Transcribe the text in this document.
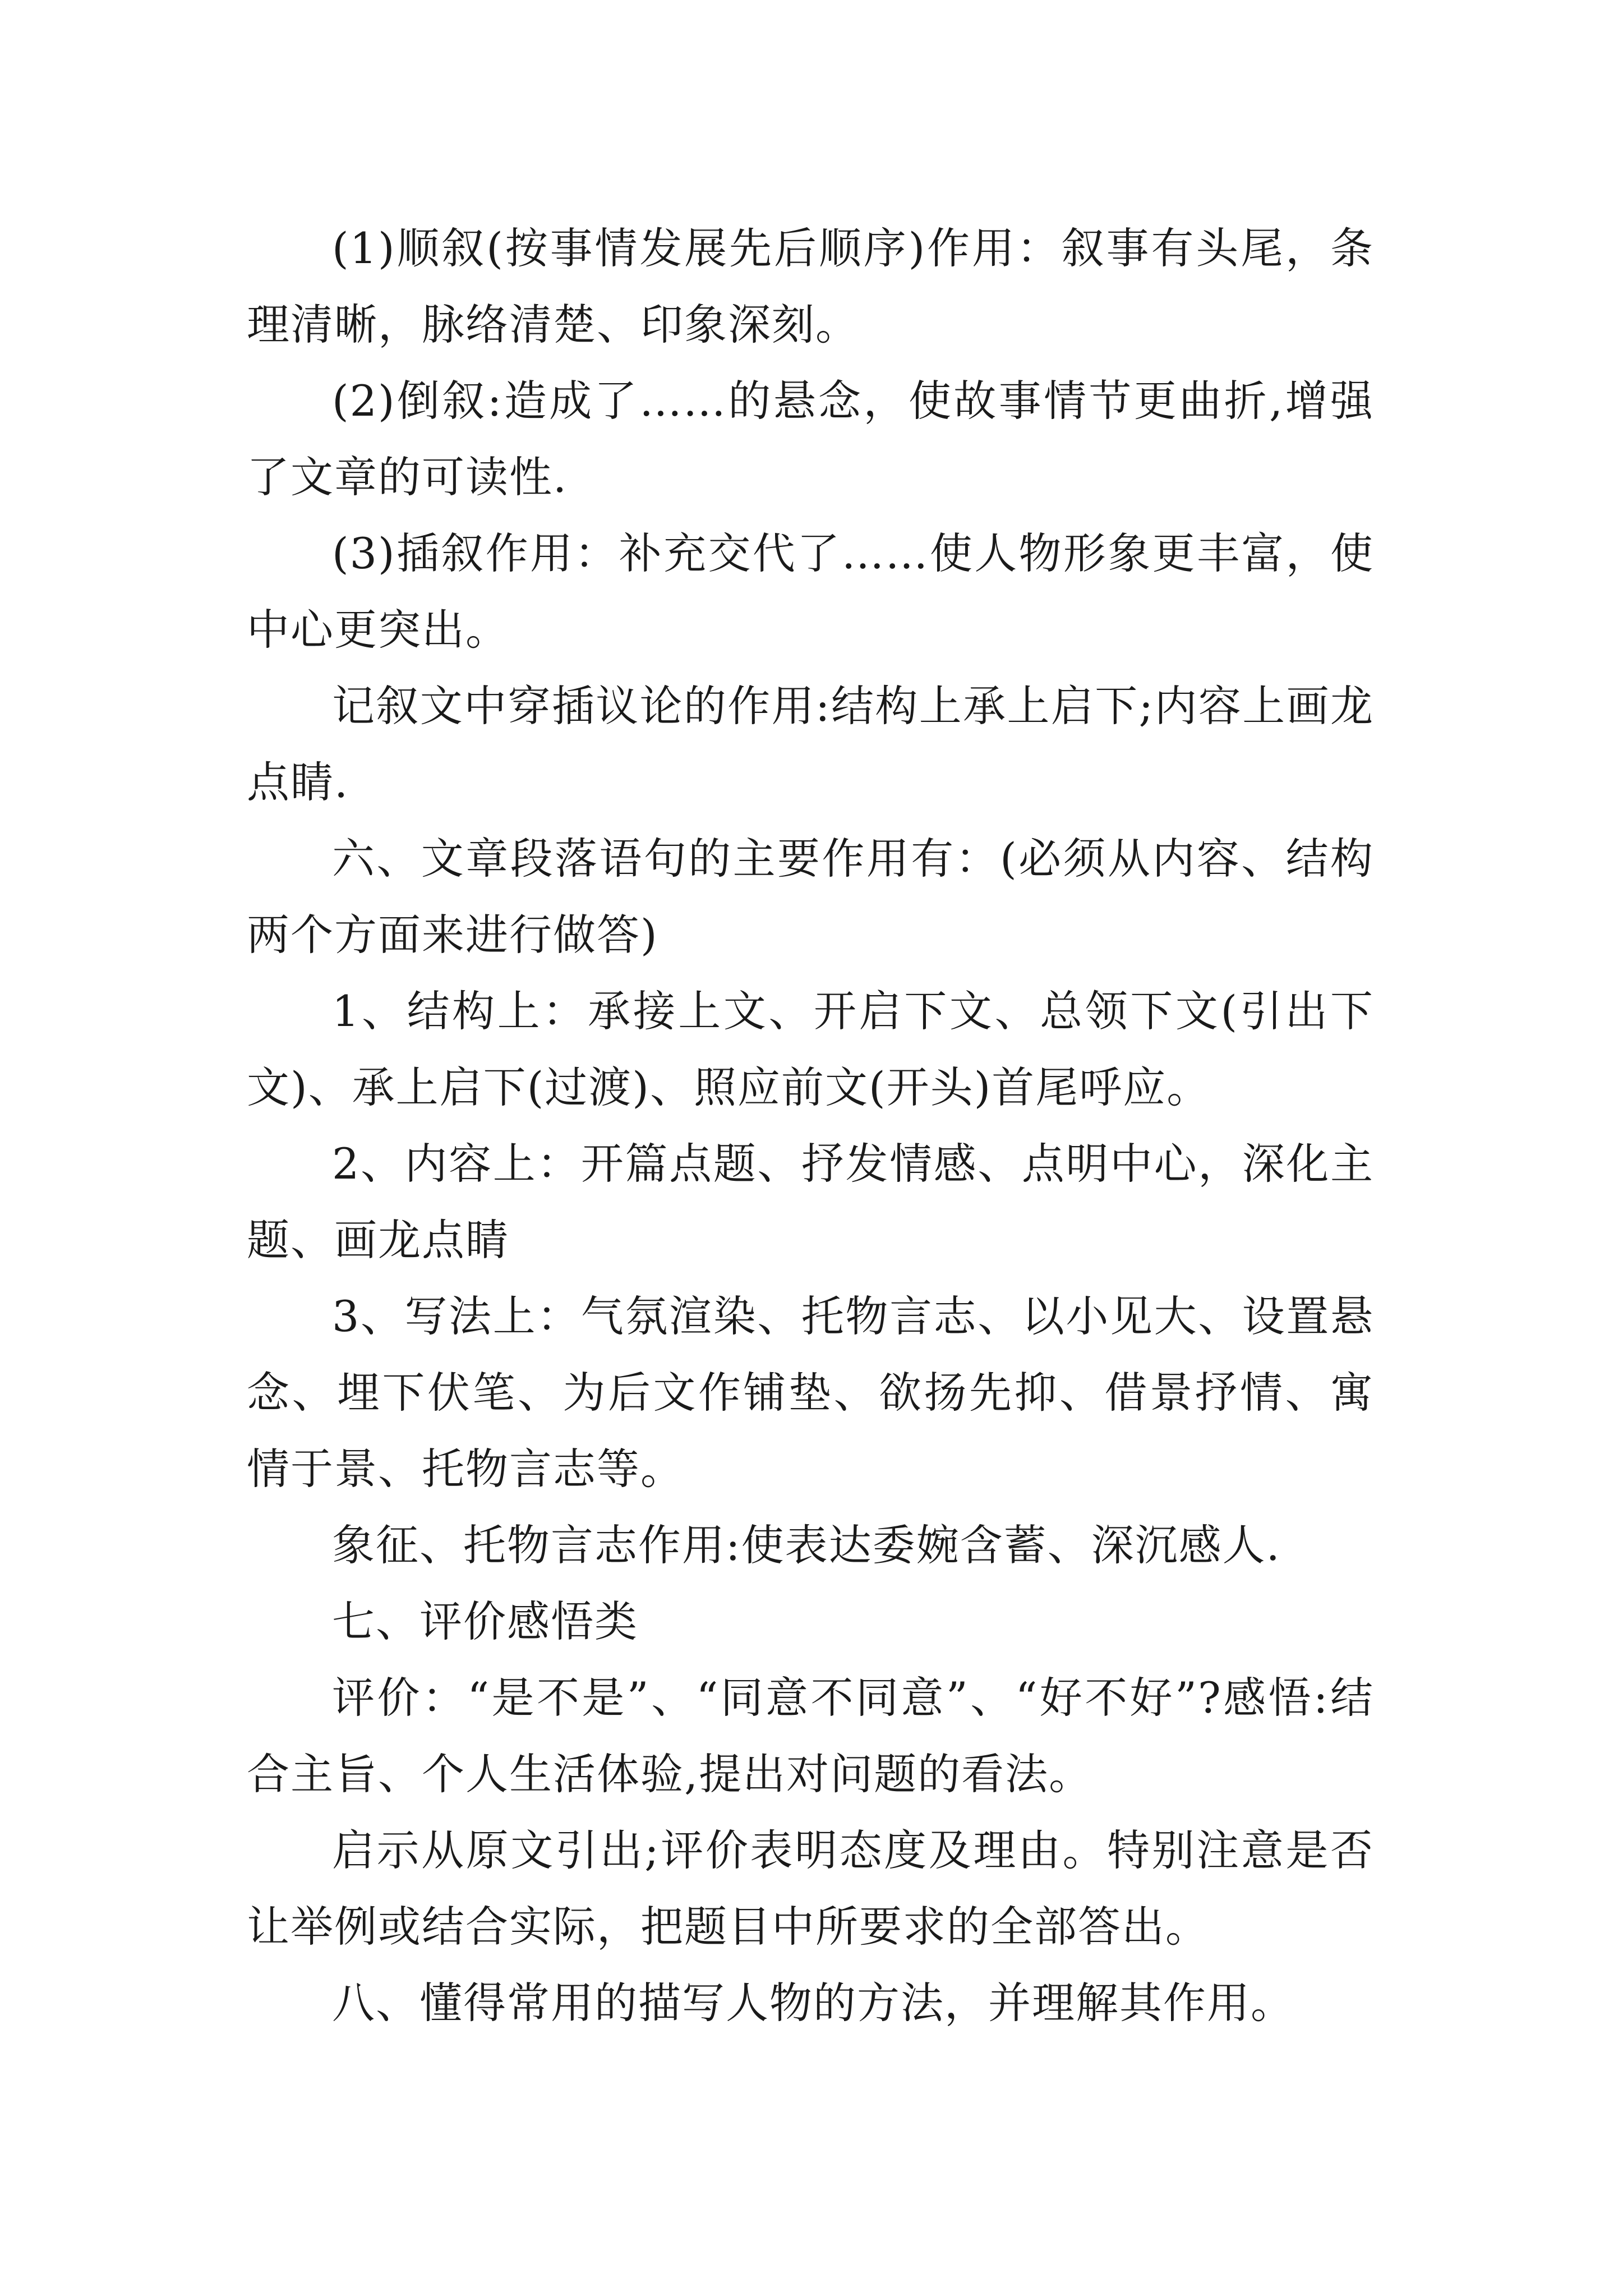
(1)顺叙(按事情发展先后顺序)作用：叙事有头尾，条理清晰，脉络清楚、印象深刻。

(2)倒叙:造成了……的悬念，使故事情节更曲折,增强了文章的可读性.

(3)插叙作用：补充交代了……使人物形象更丰富，使中心更突出。

记叙文中穿插议论的作用:结构上承上启下;内容上画龙点睛.

六、文章段落语句的主要作用有：(必须从内容、结构两个方面来进行做答)

1、结构上：承接上文、开启下文、总领下文(引出下文)、承上启下(过渡)、照应前文(开头)首尾呼应。

2、内容上：开篇点题、抒发情感、点明中心，深化主题、画龙点睛

3、写法上：气氛渲染、托物言志、以小见大、设置悬念、埋下伏笔、为后文作铺垫、欲扬先抑、借景抒情、寓情于景、托物言志等。

象征、托物言志作用:使表达委婉含蓄、深沉感人.

七、评价感悟类

评价：“是不是”、“同意不同意”、“好不好”?感悟:结合主旨、个人生活体验,提出对问题的看法。

启示从原文引出;评价表明态度及理由。特别注意是否让举例或结合实际，把题目中所要求的全部答出。

八、懂得常用的描写人物的方法，并理解其作用。
